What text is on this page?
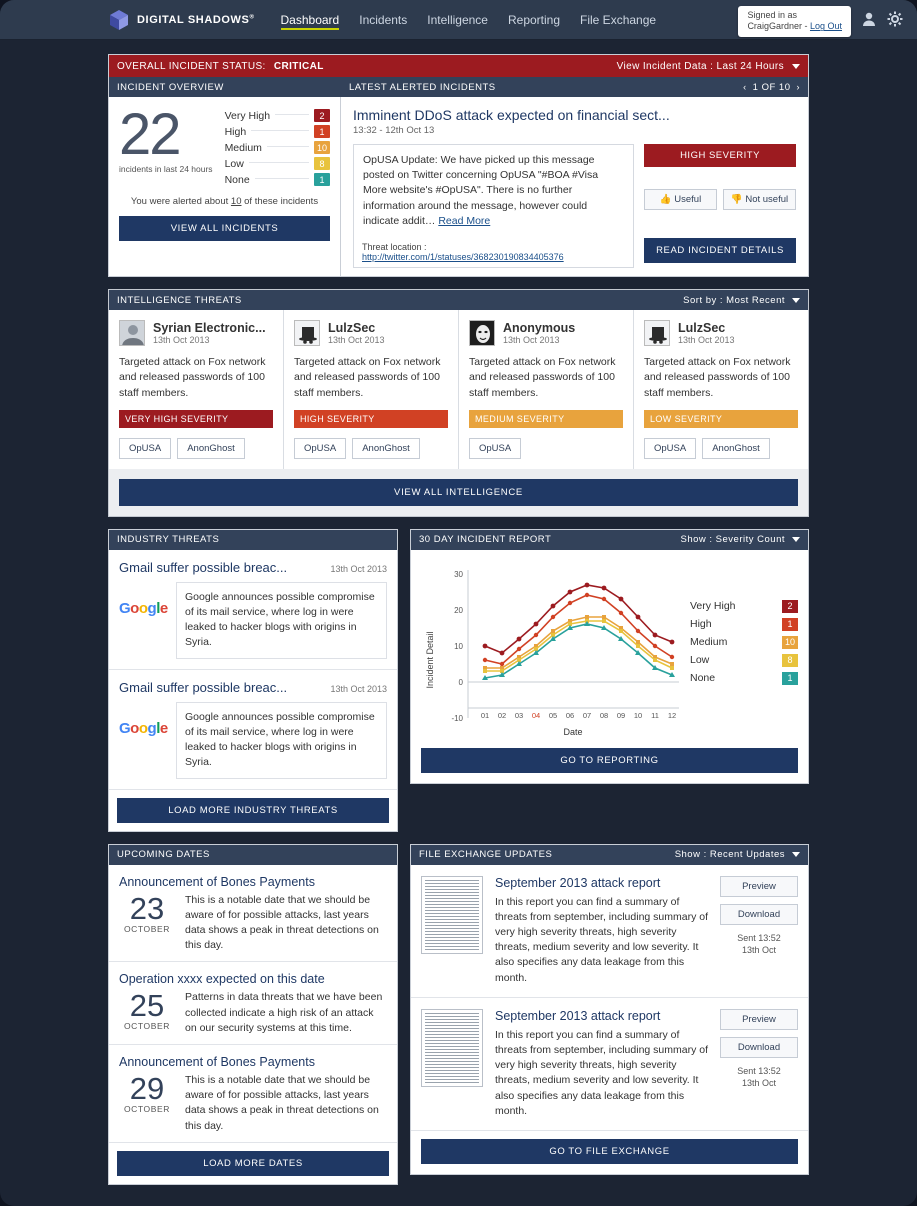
DIGITAL SHADOWS® Dashboard Incidents Intelligence Reporting File Exchange	Signed in as
CraigGardner - Log Out
OVERALL INCIDENT STATUS: CRITICAL	View Incident Data : Last 24 Hours
INCIDENT OVERVIEW	LATEST ALERTED INCIDENTS	‹ 1 OF 10 ›
22
incidents in last 24 hours
Very High	2
High	1
Medium	10
Low	8
None	1
You were alerted about 10 of these incidents
VIEW ALL INCIDENTS
Imminent DDoS attack expected on financial sect...
13:32 - 12th Oct 13
OpUSA Update: We have picked up this message posted on Twitter concerning OpUSA "#BOA #Visa More website's #OpUSA". There is no further information around the message, however could indicate addit… Read More
Threat location : http://twitter.com/1/statuses/368230190834405376
HIGH SEVERITY
👍 Useful	👎 Not useful
READ INCIDENT DETAILS
INTELLIGENCE THREATS	Sort by : Most Recent
Syrian Electronic...
13th Oct 2013
Targeted attack on Fox network and released passwords of 100 staff members.
VERY HIGH SEVERITY
OpUSA	AnonGhost
LulzSec
13th Oct 2013
Targeted attack on Fox network and released passwords of 100 staff members.
HIGH SEVERITY
OpUSA	AnonGhost
Anonymous
13th Oct 2013
Targeted attack on Fox network and released passwords of 100 staff members.
MEDIUM SEVERITY
OpUSA
LulzSec
13th Oct 2013
Targeted attack on Fox network and released passwords of 100 staff members.
LOW SEVERITY
OpUSA	AnonGhost
VIEW ALL INTELLIGENCE
INDUSTRY THREATS
Gmail suffer possible breac...	13th Oct 2013
Google
Google announces possible compromise of its mail service, where log in were leaked to hacker blogs with origins in Syria.
Gmail suffer possible breac...	13th Oct 2013
Google
Google announces possible compromise of its mail service, where log in were leaked to hacker blogs with origins in Syria.
LOAD MORE INDUSTRY THREATS
30 DAY INCIDENT REPORT	Show : Severity Count
Incident Detail
30
20
10
0
-10 01 02 03 04 05 06 07 08 09 10 11 12
Date
Very High	2
High	1
Medium	10
Low	8
None	1
GO TO REPORTING
UPCOMING DATES
Announcement of Bones Payments
23
OCTOBER
This is a notable date that we should be aware of for possible attacks, last years data shows a peak in threat detections on this day.
Operation xxxx expected on this date
25
OCTOBER
Patterns in data threats that we have been collected indicate a high risk of an attack on our security systems at this time.
Announcement of Bones Payments
29
OCTOBER
This is a notable date that we should be aware of for possible attacks, last years data shows a peak in threat detections on this day.
LOAD MORE DATES
FILE EXCHANGE UPDATES	Show : Recent Updates
September 2013 attack report
In this report you can find a summary of threats from september, including summary of very high severity threats, high severity threats, medium severity and low severity. It also specifies any data leakage from this month.
Preview
Download
Sent 13:52
13th Oct
September 2013 attack report
In this report you can find a summary of threats from september, including summary of very high severity threats, high severity threats, medium severity and low severity. It also specifies any data leakage from this month.
Preview
Download
Sent 13:52
13th Oct
GO TO FILE EXCHANGE
